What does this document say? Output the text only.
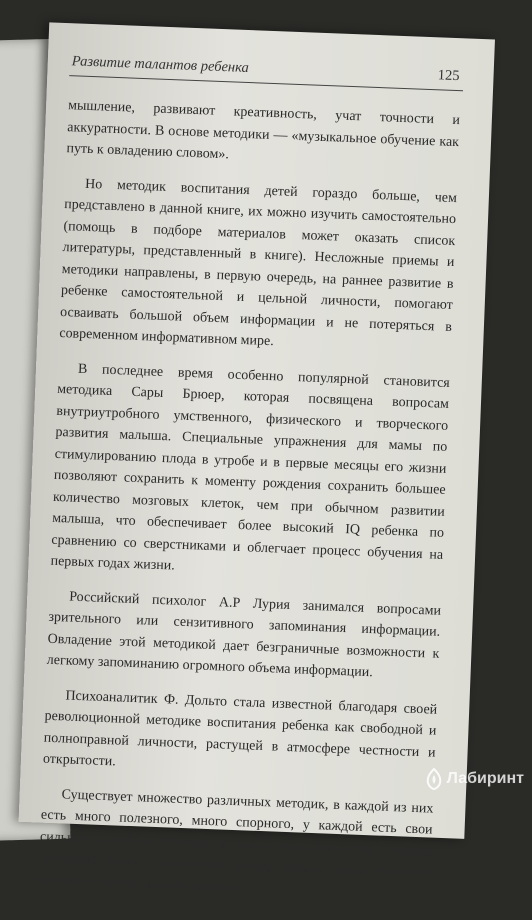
Развитие талантов ребенка	125

мышление, развивают креативность, учат точности и аккуратности. В основе методики — «музыкальное обучение как путь к овладению словом».

Но методик воспитания детей гораздо больше, чем представлено в данной книге, их можно изучить самостоятельно (помощь в подборе материалов может оказать список литературы, представленный в книге). Несложные приемы и методики направлены, в первую очередь, на раннее развитие в ребенке самостоятельной и цельной личности, помогают осваивать большой объем информации и не потеряться в современном информативном мире.

В последнее время особенно популярной становится методика Сары Брюер, которая посвящена вопросам внутриутробного умственного, физического и творческого развития малыша. Специальные упражнения для мамы по стимулированию плода в утробе и в первые месяцы его жизни позволяют сохранить к моменту рождения сохранить большее количество мозговых клеток, чем при обычном развитии малыша, что обеспечивает более высокий IQ ребенка по сравнению со сверстниками и облегчает процесс обучения на первых годах жизни.

Российский психолог А.Р Лурия занимался вопросами зрительного или сензитивного запоминания информации. Овладение этой методикой дает безграничные возможности к легкому запоминанию огромного объема информации.

Психоаналитик Ф. Дольто стала известной благодаря своей революционной методике воспитания ребенка как свободной и полноправной личности, растущей в атмосфере честности и открытости.

Существует множество различных методик, в каждой из них есть много полезного, много спорного, у каждой есть свои сильные и слабые стороны. И только вам, родителям, хорошо знающим своих собственных детей, решать, какая методика подойдет именно вашему ребенку.

Лабиринт
